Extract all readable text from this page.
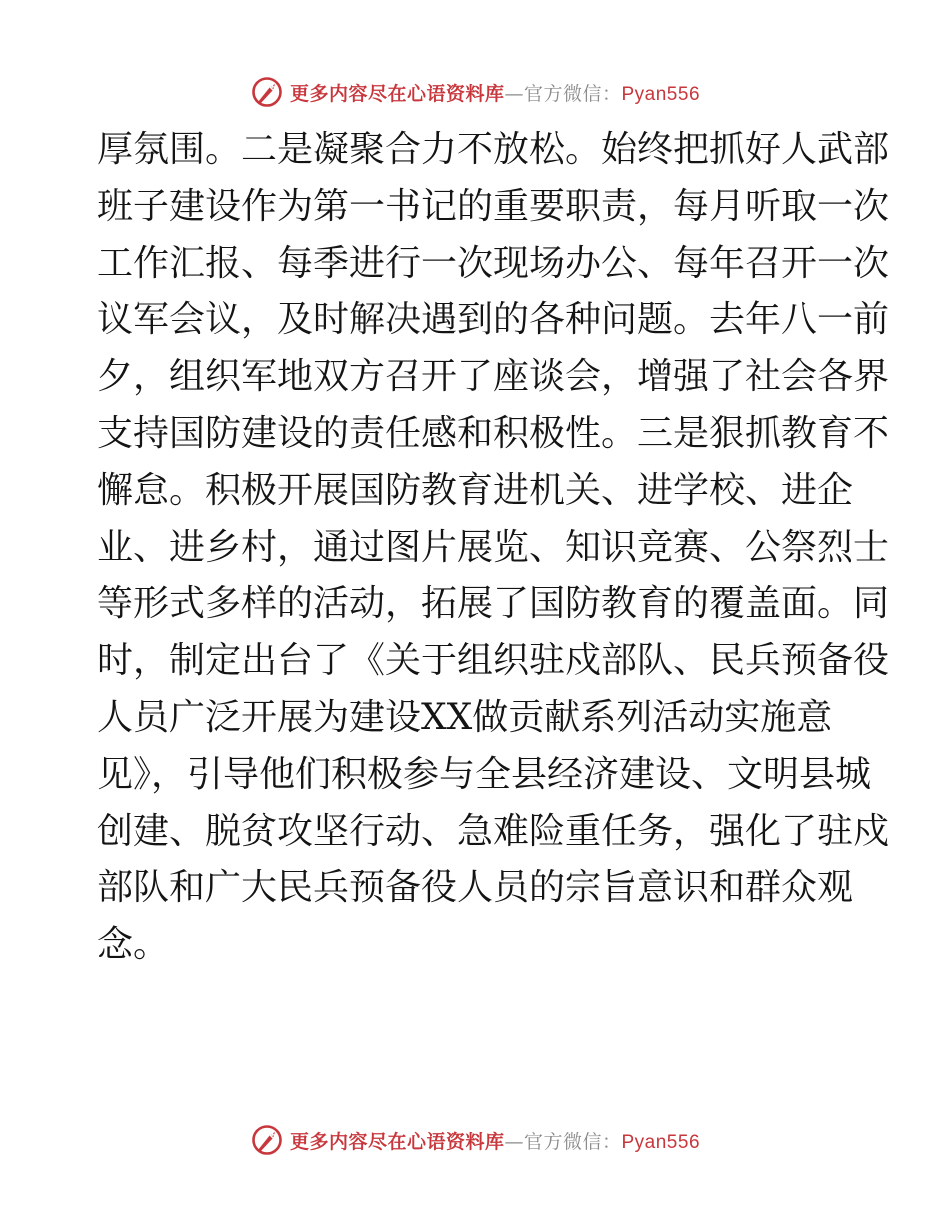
更多内容尽在心语资料库—官方微信：Pyan556
厚氛围。二是凝聚合力不放松。始终把抓好人武部
班子建设作为第一书记的重要职责，每月听取一次
工作汇报、每季进行一次现场办公、每年召开一次
议军会议，及时解决遇到的各种问题。去年八一前
夕，组织军地双方召开了座谈会，增强了社会各界
支持国防建设的责任感和积极性。三是狠抓教育不
懈怠。积极开展国防教育进机关、进学校、进企
业、进乡村，通过图片展览、知识竞赛、公祭烈士
等形式多样的活动，拓展了国防教育的覆盖面。同
时，制定出台了《关于组织驻戍部队、民兵预备役
人员广泛开展为建设XX做贡献系列活动实施意
见》，引导他们积极参与全县经济建设、文明县城
创建、脱贫攻坚行动、急难险重任务，强化了驻戍
部队和广大民兵预备役人员的宗旨意识和群众观
念。
更多内容尽在心语资料库—官方微信：Pyan556
